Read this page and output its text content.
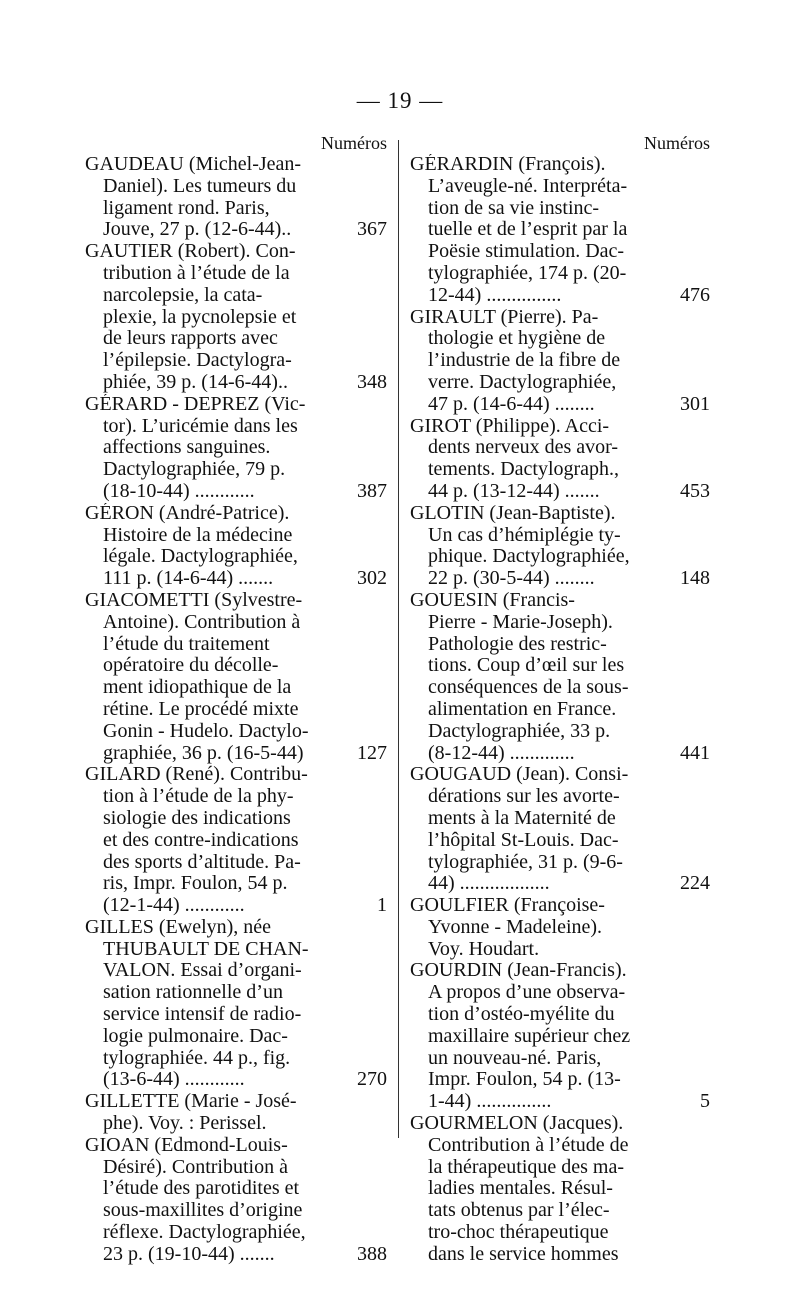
— 19 —
Numéros
GAUDEAU (Michel-Jean-
Daniel). Les tumeurs du
ligament rond. Paris,
367
Jouve, 27 p. (12-6-44)..
GAUTIER (Robert). Con-
tribution à l’étude de la
narcolepsie, la cata-
plexie, la pycnolepsie et
de leurs rapports avec
l’épilepsie. Dactylogra-
348
phiée, 39 p. (14-6-44)..
GÉRARD - DEPREZ (Vic-
tor). L’uricémie dans les
affections sanguines.
Dactylographiée, 79 p.
387
(18-10-44) ............
GÉRON (André-Patrice).
Histoire de la médecine
légale. Dactylographiée,
302
111 p. (14-6-44) .......
GIACOMETTI (Sylvestre-
Antoine). Contribution à
l’étude du traitement
opératoire du décolle-
ment idiopathique de la
rétine. Le procédé mixte
Gonin - Hudelo. Dactylo-
127
graphiée, 36 p. (16-5-44)
GILARD (René). Contribu-
tion à l’étude de la phy-
siologie des indications
et des contre-indications
des sports d’altitude. Pa-
ris, Impr. Foulon, 54 p.
1
(12-1-44) ............
GILLES (Ewelyn), née
THUBAULT DE CHAN-
VALON. Essai d’organi-
sation rationnelle d’un
service intensif de radio-
logie pulmonaire. Dac-
tylographiée. 44 p., fig.
270
(13-6-44) ............
GILLETTE (Marie - José-
phe). Voy. : Perissel.
GIOAN (Edmond-Louis-
Désiré). Contribution à
l’étude des parotidites et
sous-maxillites d’origine
réflexe. Dactylographiée,
388
23 p. (19-10-44) .......
Numéros
GÉRARDIN (François).
L’aveugle-né. Interpréta-
tion de sa vie instinc-
tuelle et de l’esprit par la
Poësie stimulation. Dac-
tylographiée, 174 p. (20-
476
12-44) ...............
GIRAULT (Pierre). Pa-
thologie et hygiène de
l’industrie de la fibre de
verre. Dactylographiée,
301
47 p. (14-6-44) ........
GIROT (Philippe). Acci-
dents nerveux des avor-
tements. Dactylograph.,
453
44 p. (13-12-44) .......
GLOTIN (Jean-Baptiste).
Un cas d’hémiplégie ty-
phique. Dactylographiée,
148
22 p. (30-5-44) ........
GOUESIN (Francis-
Pierre - Marie-Joseph).
Pathologie des restric-
tions. Coup d’œil sur les
conséquences de la sous-
alimentation en France.
Dactylographiée, 33 p.
441
(8-12-44) .............
GOUGAUD (Jean). Consi-
dérations sur les avorte-
ments à la Maternité de
l’hôpital St-Louis. Dac-
tylographiée, 31 p. (9-6-
224
44) ..................
GOULFIER (Françoise-
Yvonne - Madeleine).
Voy. Houdart.
GOURDIN (Jean-Francis).
A propos d’une observa-
tion d’ostéo-myélite du
maxillaire supérieur chez
un nouveau-né. Paris,
Impr. Foulon, 54 p. (13-
5
1-44) ...............
GOURMELON (Jacques).
Contribution à l’étude de
la thérapeutique des ma-
ladies mentales. Résul-
tats obtenus par l’élec-
tro-choc thérapeutique
dans le service hommes
